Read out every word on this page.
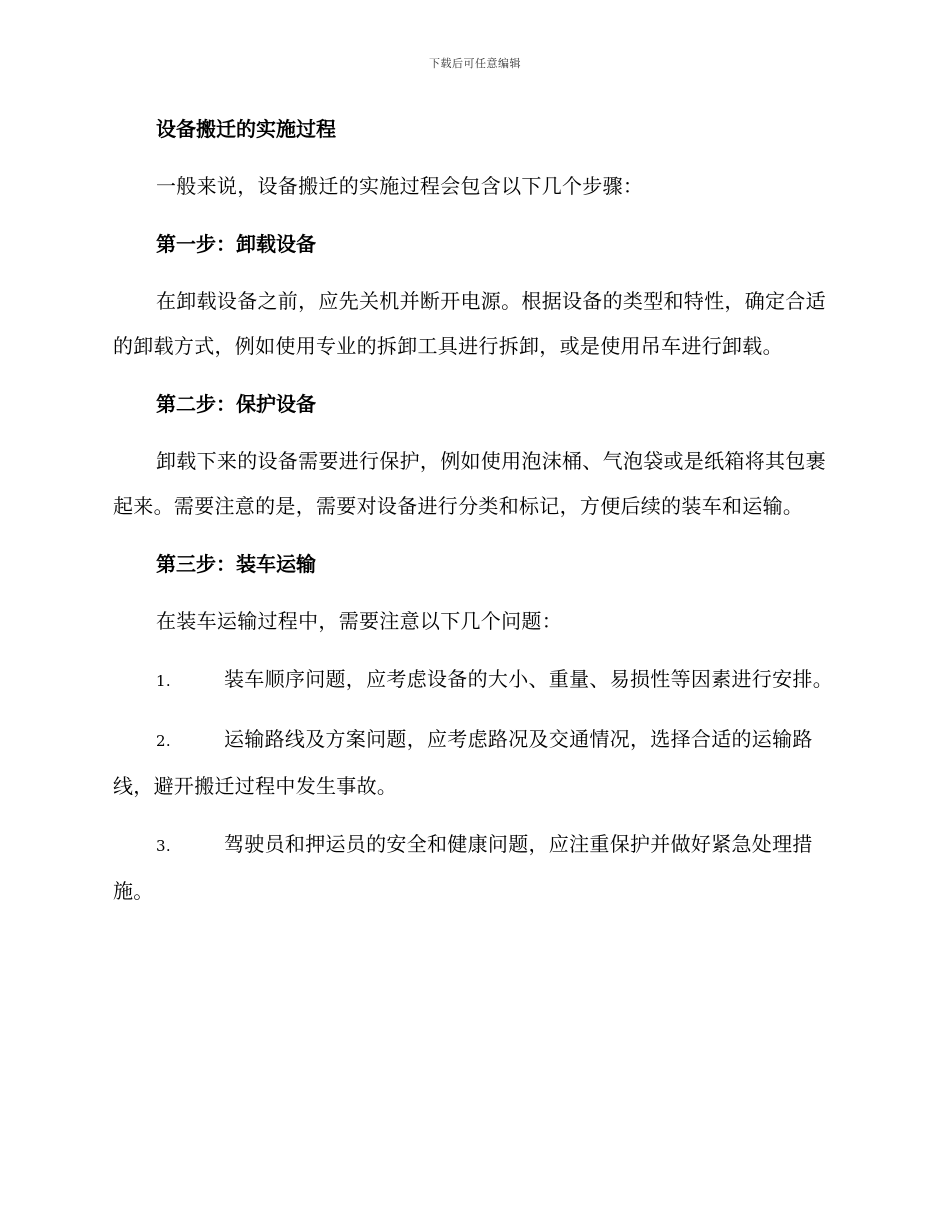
下载后可任意编辑

设备搬迁的实施过程

一般来说，设备搬迁的实施过程会包含以下几个步骤：

第一步：卸载设备

在卸载设备之前，应先关机并断开电源。根据设备的类型和特性，确定合适的卸载方式，例如使用专业的拆卸工具进行拆卸，或是使用吊车进行卸载。

第二步：保护设备

卸载下来的设备需要进行保护，例如使用泡沫桶、气泡袋或是纸箱将其包裹起来。需要注意的是，需要对设备进行分类和标记，方便后续的装车和运输。

第三步：装车运输

在装车运输过程中，需要注意以下几个问题：

1.	装车顺序问题，应考虑设备的大小、重量、易损性等因素进行安排。

2.	运输路线及方案问题，应考虑路况及交通情况，选择合适的运输路线，避开搬迁过程中发生事故。

3.	驾驶员和押运员的安全和健康问题，应注重保护并做好紧急处理措施。
